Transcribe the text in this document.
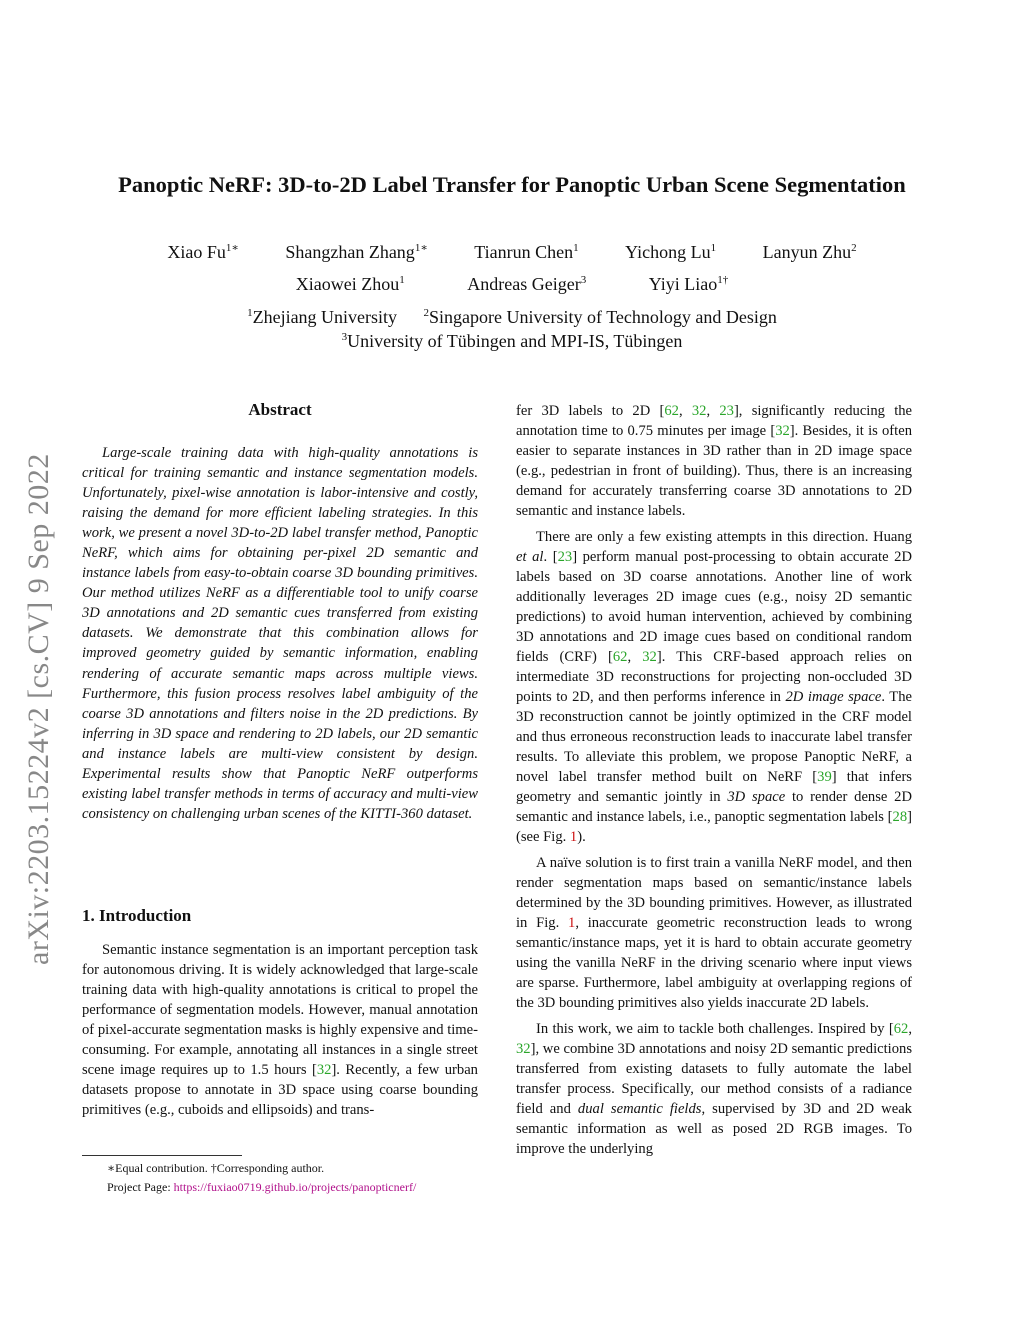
arXiv:2203.15224v2 [cs.CV] 9 Sep 2022
Panoptic NeRF: 3D-to-2D Label Transfer for Panoptic Urban Scene Segmentation
Xiao $Fu^{1∗}$	Shangzhan Zhang$^{1∗}$	Tianrun Chen$^1$	Yichong Lu$^1$	Lanyun Zhu$^2$
Xiaowei Zhou$^1$	Andreas Geiger$^3$	Yiyi Liao$^{1\dagger}$
$^1$Zhejiang University $^2$Singapore University of Technology and Design
$^3$University of Tübingen and MPI-IS, Tübingen
Abstract

Large-scale training data with high-quality annotations is critical for training semantic and instance segmentation models. Unfortunately, pixel-wise annotation is labor-intensive and costly, raising the demand for more efficient labeling strategies. In this work, we present a novel 3D-to-2D label transfer method, Panoptic NeRF, which aims for obtaining per-pixel 2D semantic and instance labels from easy-to-obtain coarse 3D bounding primitives. Our method utilizes NeRF as a differentiable tool to unify coarse 3D annotations and 2D semantic cues transferred from existing datasets. We demonstrate that this combination allows for improved geometry guided by semantic information, enabling rendering of accurate semantic maps across multiple views. Furthermore, this fusion process resolves label ambiguity of the coarse 3D annotations and filters noise in the 2D predictions. By inferring in 3D space and rendering to 2D labels, our 2D semantic and instance labels are multi-view consistent by design. Experimental results show that Panoptic NeRF outperforms existing label transfer methods in terms of accuracy and multi-view consistency on challenging urban scenes of the KITTI-360 dataset.

1. Introduction

Semantic instance segmentation is an important perception task for autonomous driving. It is widely acknowledged that large-scale training data with high-quality annotations is critical to propel the performance of segmentation models. However, manual annotation of pixel-accurate segmentation masks is highly expensive and time-consuming. For example, annotating all instances in a single street scene image requires up to 1.5 hours [32]. Recently, a few urban datasets propose to annotate in 3D space using coarse bounding primitives (e.g., cuboids and ellipsoids) and trans-

fer 3D labels to 2D [62, 32, 23], significantly reducing the annotation time to 0.75 minutes per image [32]. Besides, it is often easier to separate instances in 3D rather than in 2D image space (e.g., pedestrian in front of building). Thus, there is an increasing demand for accurately transferring coarse 3D annotations to 2D semantic and instance labels.

There are only a few existing attempts in this direction. Huang et al. [23] perform manual post-processing to obtain accurate 2D labels based on 3D coarse annotations. Another line of work additionally leverages 2D image cues (e.g., noisy 2D semantic predictions) to avoid human intervention, achieved by combining 3D annotations and 2D image cues based on conditional random fields (CRF) [62, 32]. This CRF-based approach relies on intermediate 3D reconstructions for projecting non-occluded 3D points to 2D, and then performs inference in 2D image space. The 3D reconstruction cannot be jointly optimized in the CRF model and thus erroneous reconstruction leads to inaccurate label transfer results. To alleviate this problem, we propose Panoptic NeRF, a novel label transfer method built on NeRF [39] that infers geometry and semantic jointly in 3D space to render dense 2D semantic and instance labels, i.e., panoptic segmentation labels [28] (see Fig. 1).

A naïve solution is to first train a vanilla NeRF model, and then render segmentation maps based on semantic/instance labels determined by the 3D bounding primitives. However, as illustrated in Fig. 1, inaccurate geometric reconstruction leads to wrong semantic/instance maps, yet it is hard to obtain accurate geometry using the vanilla NeRF in the driving scenario where input views are sparse. Furthermore, label ambiguity at overlapping regions of the 3D bounding primitives also yields inaccurate 2D labels.

In this work, we aim to tackle both challenges. Inspired by [62, 32], we combine 3D annotations and noisy 2D semantic predictions transferred from existing datasets to fully automate the label transfer process. Specifically, our method consists of a radiance field and dual semantic fields, supervised by 3D and 2D weak semantic information as well as posed 2D RGB images. To improve the underlying

∗Equal contribution. †Corresponding author.
Project Page: https://fuxiao0719.github.io/projects/panopticnerf/
